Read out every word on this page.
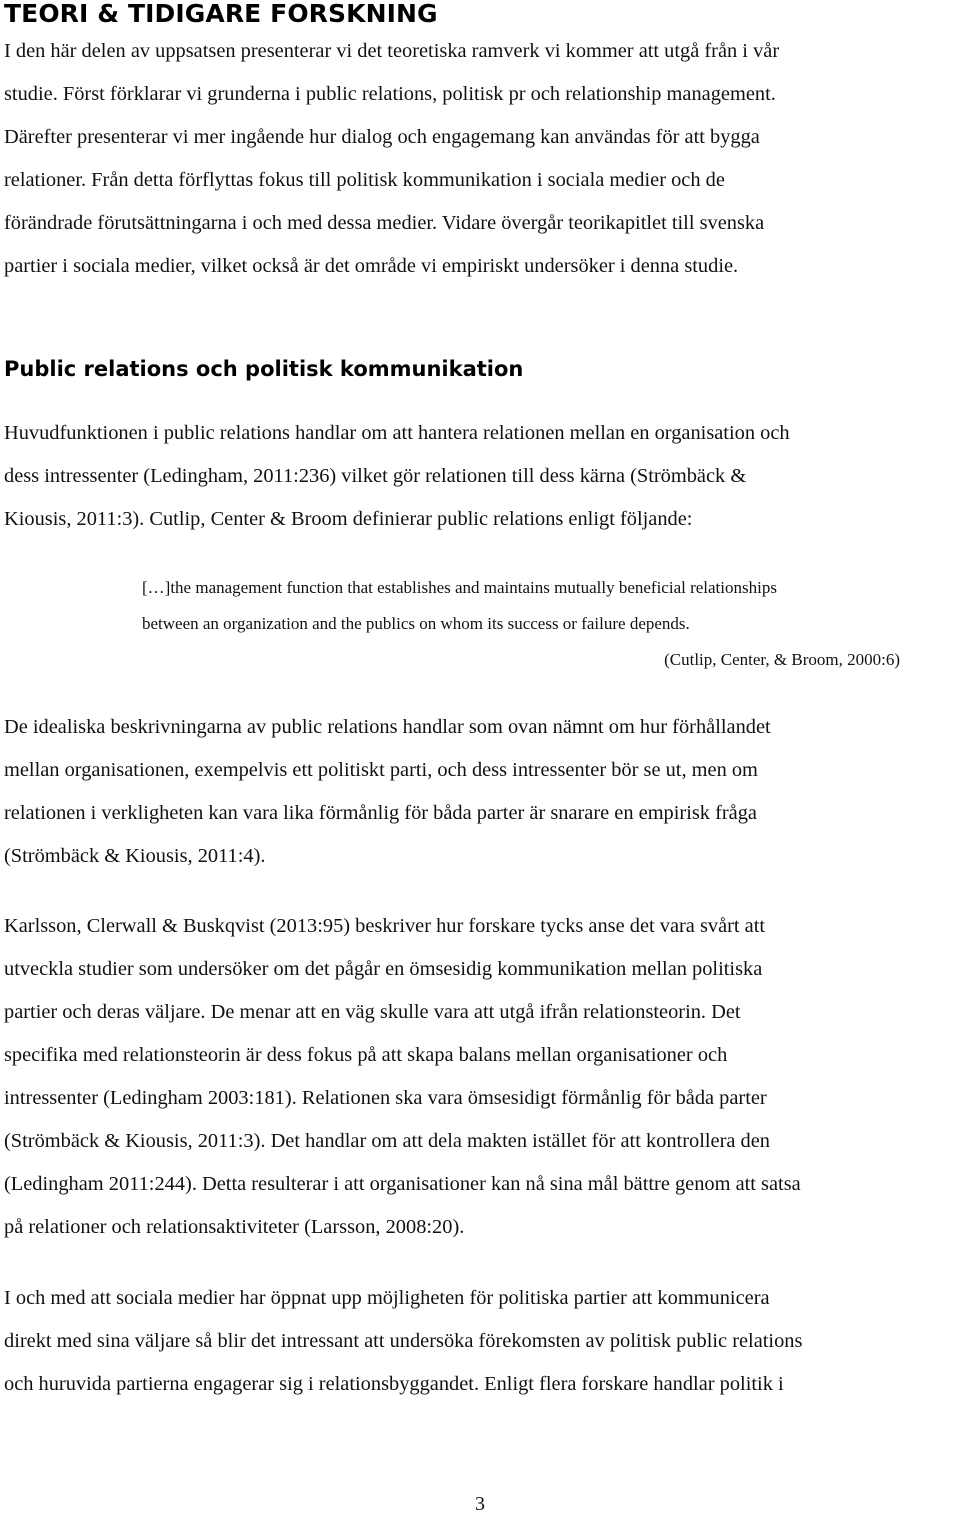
TEORI & TIDIGARE FORSKNING

I den här delen av uppsatsen presenterar vi det teoretiska ramverk vi kommer att utgå från i vår
studie. Först förklarar vi grunderna i public relations, politisk pr och relationship management.
Därefter presenterar vi mer ingående hur dialog och engagemang kan användas för att bygga
relationer. Från detta förflyttas fokus till politisk kommunikation i sociala medier och de
förändrade förutsättningarna i och med dessa medier. Vidare övergår teorikapitlet till svenska
partier i sociala medier, vilket också är det område vi empiriskt undersöker i denna studie.

Public relations och politisk kommunikation

Huvudfunktionen i public relations handlar om att hantera relationen mellan en organisation och
dess intressenter (Ledingham, 2011:236) vilket gör relationen till dess kärna (Strömbäck &
Kiousis, 2011:3). Cutlip, Center & Broom definierar public relations enligt följande:

[…]the management function that establishes and maintains mutually beneficial relationships
between an organization and the publics on whom its success or failure depends.
(Cutlip, Center, & Broom, 2000:6)

De idealiska beskrivningarna av public relations handlar som ovan nämnt om hur förhållandet
mellan organisationen, exempelvis ett politiskt parti, och dess intressenter bör se ut, men om
relationen i verkligheten kan vara lika förmånlig för båda parter är snarare en empirisk fråga
(Strömbäck & Kiousis, 2011:4).

Karlsson, Clerwall & Buskqvist (2013:95) beskriver hur forskare tycks anse det vara svårt att
utveckla studier som undersöker om det pågår en ömsesidig kommunikation mellan politiska
partier och deras väljare. De menar att en väg skulle vara att utgå ifrån relationsteorin. Det
specifika med relationsteorin är dess fokus på att skapa balans mellan organisationer och
intressenter (Ledingham 2003:181). Relationen ska vara ömsesidigt förmånlig för båda parter
(Strömbäck & Kiousis, 2011:3). Det handlar om att dela makten istället för att kontrollera den
(Ledingham 2011:244). Detta resulterar i att organisationer kan nå sina mål bättre genom att satsa
på relationer och relationsaktiviteter (Larsson, 2008:20).

I och med att sociala medier har öppnat upp möjligheten för politiska partier att kommunicera
direkt med sina väljare så blir det intressant att undersöka förekomsten av politisk public relations
och huruvida partierna engagerar sig i relationsbyggandet. Enligt flera forskare handlar politik i

3
